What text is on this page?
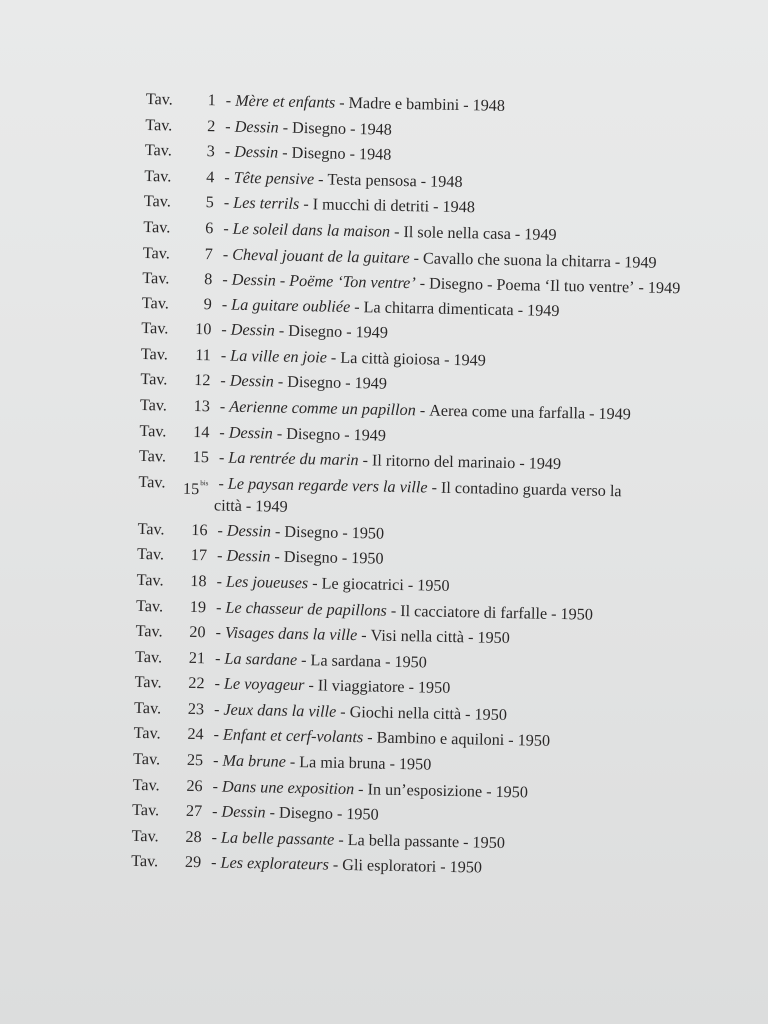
Tav.	1 - Mère et enfants - Madre e bambini - 1948
Tav.	2 - Dessin - Disegno - 1948
Tav.	3 - Dessin - Disegno - 1948
Tav.	4 - Tête pensive - Testa pensosa - 1948
Tav.	5 - Les terrils - I mucchi di detriti - 1948
Tav.	6 - Le soleil dans la maison - Il sole nella casa - 1949
Tav.	7 - Cheval jouant de la guitare - Cavallo che suona la chitarra - 1949
Tav.	8 - Dessin - Poëme ‘Ton ventre’ - Disegno - Poema ‘Il tuo ventre’ - 1949
Tav.	9 - La guitare oubliée - La chitarra dimenticata - 1949
Tav.	10 - Dessin - Disegno - 1949
Tav.	11 - La ville en joie - La città gioiosa - 1949
Tav.	12 - Dessin - Disegno - 1949
Tav.	13 - Aerienne comme un papillon - Aerea come una farfalla - 1949
Tav.	14 - Dessin - Disegno - 1949
Tav.	15 - La rentrée du marin - Il ritorno del marinaio - 1949
Tav.	$15^{bis}$ - Le paysan regarde vers la ville - Il contadino guarda verso la città - 1949
Tav.	16 - Dessin - Disegno - 1950
Tav.	17 - Dessin - Disegno - 1950
Tav.	18 - Les joueuses - Le giocatrici - 1950
Tav.	19 - Le chasseur de papillons - Il cacciatore di farfalle - 1950
Tav.	20 - Visages dans la ville - Visi nella città - 1950
Tav.	21 - La sardane - La sardana - 1950
Tav.	22 - Le voyageur - Il viaggiatore - 1950
Tav.	23 - Jeux dans la ville - Giochi nella città - 1950
Tav.	24 - Enfant et cerf-volants - Bambino e aquiloni - 1950
Tav.	25 - Ma brune - La mia bruna - 1950
Tav.	26 - Dans une exposition - In un’esposizione - 1950
Tav.	27 - Dessin - Disegno - 1950
Tav.	28 - La belle passante - La bella passante - 1950
Tav.	29 - Les explorateurs - Gli esploratori - 1950
